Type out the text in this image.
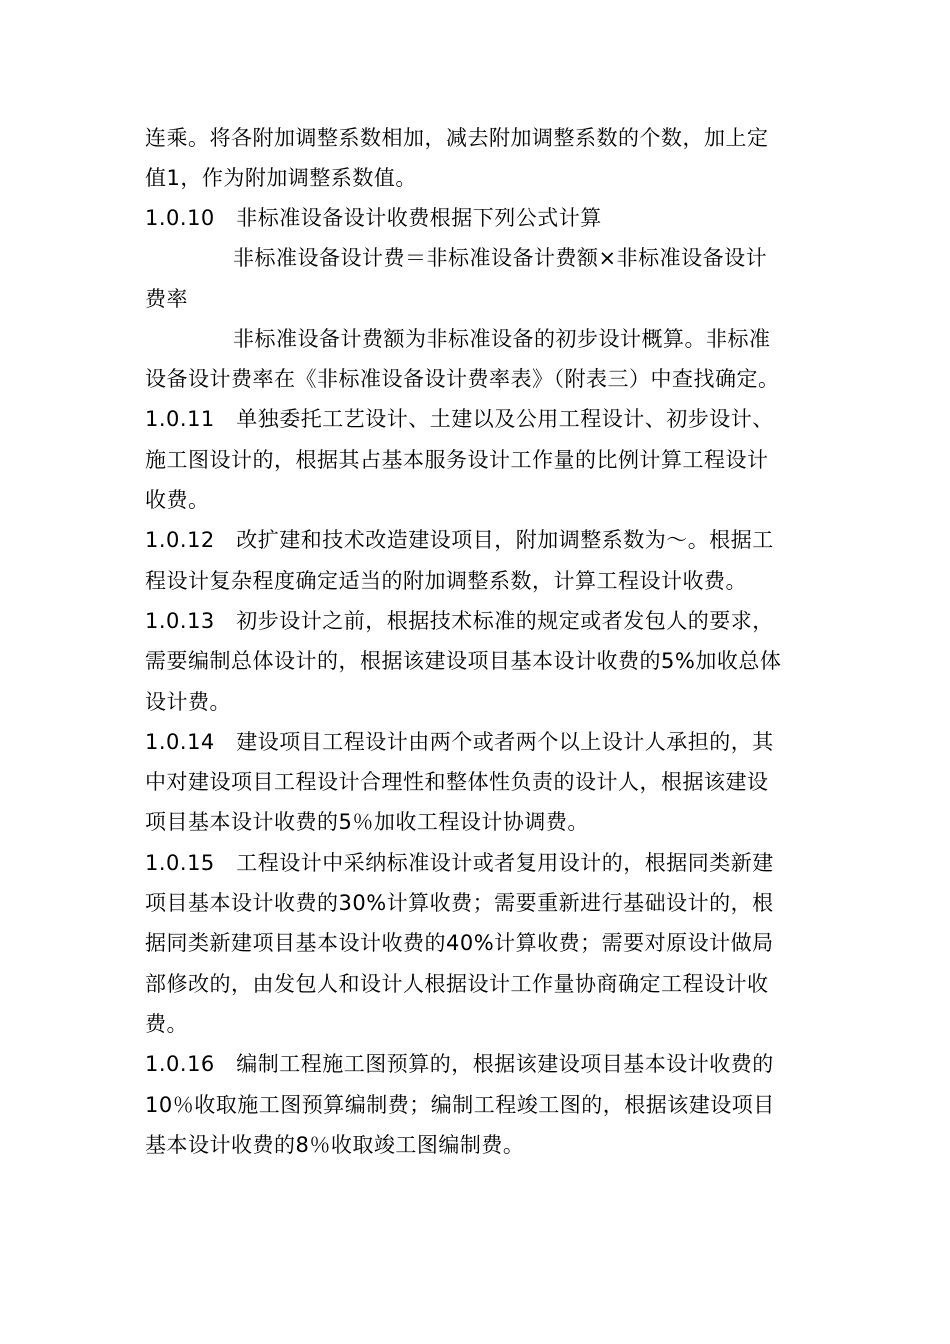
连乘。将各附加调整系数相加，减去附加调整系数的个数，加上定
值1，作为附加调整系数值。
1.0.10　非标准设备设计收费根据下列公式计算
非标准设备设计费＝非标准设备计费额×非标准设备设计
费率
非标准设备计费额为非标准设备的初步设计概算。非标准
设备设计费率在《非标准设备设计费率表》（附表三）中查找确定。
1.0.11　单独委托工艺设计、土建以及公用工程设计、初步设计、
施工图设计的，根据其占基本服务设计工作量的比例计算工程设计
收费。
1.0.12　改扩建和技术改造建设项目，附加调整系数为～。根据工
程设计复杂程度确定适当的附加调整系数，计算工程设计收费。
1.0.13　初步设计之前，根据技术标准的规定或者发包人的要求，
需要编制总体设计的，根据该建设项目基本设计收费的5%加收总体
设计费。
1.0.14　建设项目工程设计由两个或者两个以上设计人承担的，其
中对建设项目工程设计合理性和整体性负责的设计人，根据该建设
项目基本设计收费的5％加收工程设计协调费。
1.0.15　工程设计中采纳标准设计或者复用设计的，根据同类新建
项目基本设计收费的30%计算收费；需要重新进行基础设计的，根
据同类新建项目基本设计收费的40%计算收费；需要对原设计做局
部修改的，由发包人和设计人根据设计工作量协商确定工程设计收
费。
1.0.16　编制工程施工图预算的，根据该建设项目基本设计收费的
10％收取施工图预算编制费；编制工程竣工图的，根据该建设项目
基本设计收费的8％收取竣工图编制费。
